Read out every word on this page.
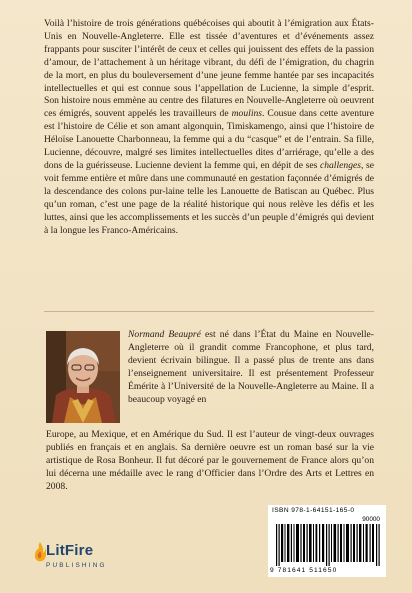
Voilà l’histoire de trois générations québécoises qui aboutit à l’émigration aux États-Unis en Nouvelle-Angleterre. Elle est tissée d’aventures et d’événements assez frappants pour susciter l’intérêt de ceux et celles qui jouissent des effets de la passion d’amour, de l’attachement à un héritage vibrant, du défi de l’émigration, du chagrin de la mort, en plus du bouleversement d’une jeune femme hantée par ses incapacités intellectuelles et qui est connue sous l’appellation de Lucienne, la simple d’esprit. Son histoire nous emmène au centre des filatures en Nouvelle-Angleterre où oeuvrent ces émigrés, souvent appelés les travailleurs de moulins. Cousue dans cette aventure est l’histoire de Célie et son amant algonquin, Timiskamengo, ainsi que l’histoire de Héloïse Lanouette Charbonneau, la femme qui a du “casque” et de l’entrain. Sa fille, Lucienne, découvre, malgré ses limites intellectuelles dites d’arriérage, qu’elle a des dons de la guérisseuse. Lucienne devient la femme qui, en dépit de ses challenges, se voit femme entière et mûre dans une communauté en gestation façonnée d’émigrés de la descendance des colons pur-laine telle les Lanouette de Batiscan au Québec. Plus qu’un roman, c’est une page de la réalité historique qui nous relève les défis et les luttes, ainsi que les accomplissements et les succès d’un peuple d’émigrés qui devient à la longue les Franco-Américains.

Normand Beaupré est né dans l’État du Maine en Nouvelle-Angleterre où il grandit comme Francophone, et plus tard, devient écrivain bilingue. Il a passé plus de trente ans dans l’enseignement universitaire. Il est présentement Professeur Émérite à l’Université de la Nouvelle-Angleterre au Maine. Il a beaucoup voyagé en

Europe, au Mexique, et en Amérique du Sud. Il est l’auteur de vingt-deux ouvrages publiés en français et en anglais. Sa dernière oeuvre est un roman basé sur la vie artistique de Rosa Bonheur. Il fut décoré par le gouvernement de France alors qu’on lui décerna une médaille avec le rang d’Officier dans l’Ordre des Arts et Lettres en 2008.

LitFire
PUBLISHING
ISBN 978-1-64151-165-0
90000
9 781641 511650
